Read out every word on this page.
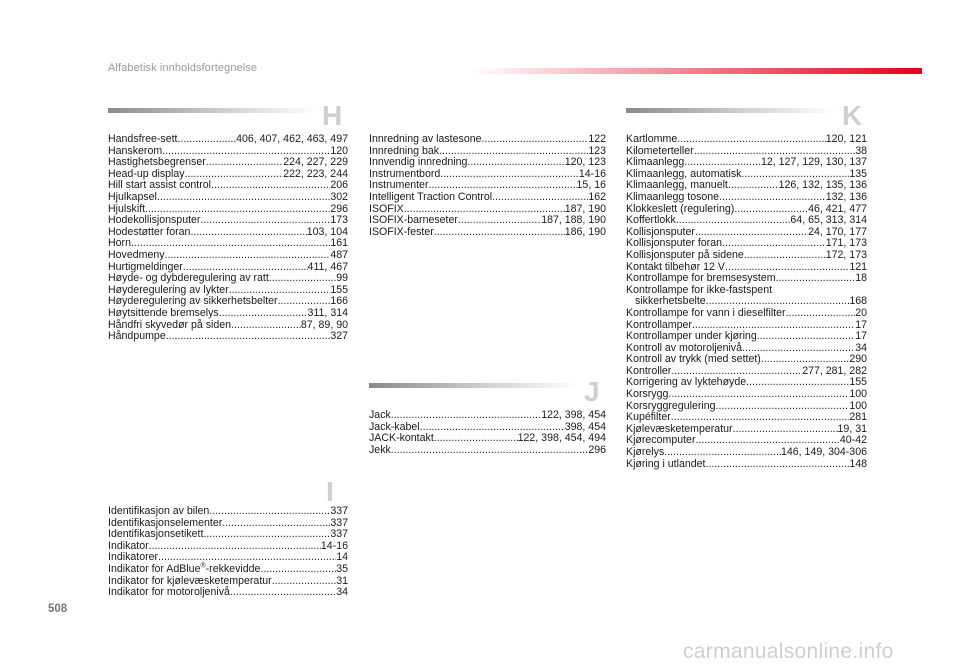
Alfabetisk innholdsfortegnelse
H
Handsfree-sett .....	406, 407, 462, 463, 497
Hanskerom .....	120
Hastighetsbegrenser .....	224, 227, 229
Head-up display .....	222, 223, 244
Hill start assist control .....	206
Hjulkapsel .....	302
Hjulskift .....	296
Hodekollisjonsputer .....	173
Hodestøtter foran .....	103, 104
Horn .....	161
Hovedmeny .....	487
Hurtigmeldinger .....	411, 467
Høyde- og dybderegulering av ratt .....	99
Høyderegulering av lykter .....	155
Høyderegulering av sikkerhetsbelter .....	166
Høytsittende bremselys .....	311, 314
Håndfri skyvedør på siden .....	87, 89, 90
Håndpumpe .....	327
Innredning av lastesone .....	122
Innredning bak .....	123
Innvendig innredning .....	120, 123
Instrumentbord .....	14-16
Instrumenter .....	15, 16
Intelligent Traction Control .....	162
ISOFIX .....	187, 190
ISOFIX-barneseter .....	187, 188, 190
ISOFIX-fester .....	186, 190
I
Identifikasjon av bilen .....	337
Identifikasjonselementer .....	337
Identifikasjonsetikett .....	337
Indikator .....	14-16
Indikatorer .....	14
Indikator for AdBlue®-rekkevidde .....	35
Indikator for kjølevæsketemperatur .....	31
Indikator for motoroljenivå .....	34
J
Jack .....	122, 398, 454
Jack-kabel .....	398, 454
JACK-kontakt .....	122, 398, 454, 494
Jekk .....	296
K
Kartlomme .....	120, 121
Kilometerteller .....	38
Klimaanlegg .....	12, 127, 129, 130, 137
Klimaanlegg, automatisk .....	135
Klimaanlegg, manuelt .....	126, 132, 135, 136
Klimaanlegg tosone .....	132, 136
Klokkeslett (regulering) .....	46, 421, 477
Koffertlokk .....	64, 65, 313, 314
Kollisjonsputer .....	24, 170, 177
Kollisjonsputer foran .....	171, 173
Kollisjonsputer på sidene .....	172, 173
Kontakt tilbehør 12 V .....	121
Kontrollampe for bremsesystem .....	18
Kontrollampe for ikke-fastspent
sikkerhetsbelte .....	168
Kontrollampe for vann i dieselfilter .....	20
Kontrollamper .....	17
Kontrollamper under kjøring .....	17
Kontroll av motoroljenivå .....	34
Kontroll av trykk (med settet) .....	290
Kontroller .....	277, 281, 282
Korrigering av lyktehøyde .....	155
Korsrygg .....	100
Korsryggregulering .....	100
Kupéfilter .....	281
Kjølevæsketemperatur .....	19, 31
Kjørecomputer .....	40-42
Kjørelys .....	146, 149, 304-306
Kjøring i utlandet .....	148
508
carmanualsonline.info
